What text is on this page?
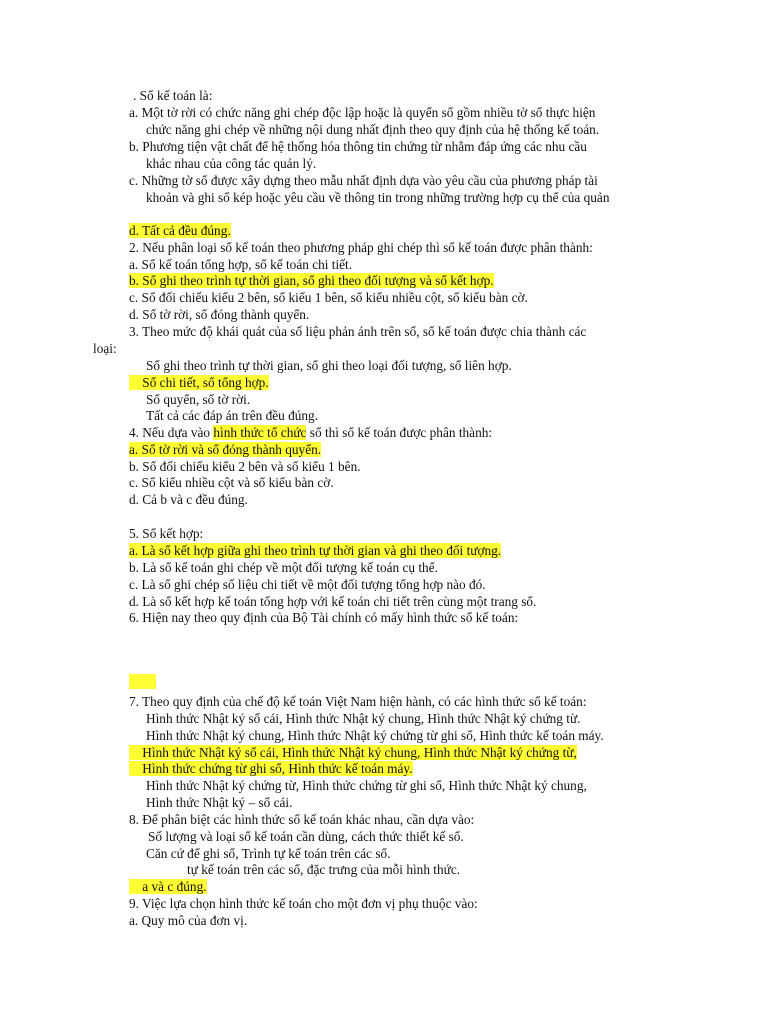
. Sổ kế toán là:
a. Một tờ rời có chức năng ghi chép độc lập hoặc là quyển sổ gồm nhiều tờ sổ thực hiện
chức năng ghi chép về những nội dung nhất định theo quy định của hệ thống kế toán.
b. Phương tiện vật chất để hệ thống hóa thông tin chứng từ nhằm đáp ứng các nhu cầu
khác nhau của công tác quản lý.
c. Những tờ sổ được xây dựng theo mẫu nhất định dựa vào yêu cầu của phương pháp tài
khoản và ghi sổ kép hoặc yêu cầu về thông tin trong những trường hợp cụ thể của quản
d. Tất cả đều đúng.
2. Nếu phân loại sổ kế toán theo phương pháp ghi chép thì sổ kế toán được phân thành:
a. Sổ kế toán tổng hợp, sổ kế toán chi tiết.
b. Sổ ghi theo trình tự thời gian, sổ ghi theo đối tượng và sổ kết hợp.
c. Sổ đối chiếu kiểu 2 bên, sổ kiểu 1 bên, sổ kiểu nhiều cột, sổ kiểu bàn cờ.
d. Sổ tờ rời, sổ đóng thành quyển.
3. Theo mức độ khái quát của số liệu phản ánh trên sổ, sổ kế toán được chia thành các
loại:
Sổ ghi theo trình tự thời gian, sổ ghi theo loại đối tượng, sổ liên hợp.
Sổ chi tiết, sổ tổng hợp.
Sổ quyển, sổ tờ rời.
Tất cả các đáp án trên đều đúng.
4. Nếu dựa vào hình thức tổ chức sổ thì sổ kế toán được phân thành:
a. Sổ tờ rời và sổ đóng thành quyển.
b. Sổ đối chiếu kiểu 2 bên và sổ kiểu 1 bên.
c. Sổ kiểu nhiều cột và sổ kiểu bàn cờ.
d. Cả b và c đều đúng.
5. Sổ kết hợp:
a. Là sổ kết hợp giữa ghi theo trình tự thời gian và ghi theo đối tượng.
b. Là sổ kế toán ghi chép về một đối tượng kế toán cụ thể.
c. Là sổ ghi chép số liệu chi tiết về một đối tượng tổng hợp nào đó.
d. Là sổ kết hợp kế toán tổng hợp với kế toán chi tiết trên cùng một trang sổ.
6. Hiện nay theo quy định của Bộ Tài chính có mấy hình thức sổ kế toán:
7. Theo quy định của chế độ kế toán Việt Nam hiện hành, có các hình thức sổ kế toán:
Hình thức Nhật ký sổ cái, Hình thức Nhật ký chung, Hình thức Nhật ký chứng từ.
Hình thức Nhật ký chung, Hình thức Nhật ký chứng từ ghi sổ, Hình thức kế toán máy.
Hình thức Nhật ký sổ cái, Hình thức Nhật ký chung, Hình thức Nhật ký chứng từ,
Hình thức chứng từ ghi sổ, Hình thức kế toán máy.
Hình thức Nhật ký chứng từ, Hình thức chứng từ ghi sổ, Hình thức Nhật ký chung,
Hình thức Nhật ký – sổ cái.
8. Để phân biệt các hình thức sổ kế toán khác nhau, cần dựa vào:
Số lượng và loại sổ kế toán cần dùng, cách thức thiết kế sổ.
Căn cứ để ghi sổ, Trình tự kế toán trên các sổ.
tự kế toán trên các sổ, đặc trưng của mỗi hình thức.
a và c đúng.
9. Việc lựa chọn hình thức kế toán cho một đơn vị phụ thuộc vào:
a. Quy mô của đơn vị.
